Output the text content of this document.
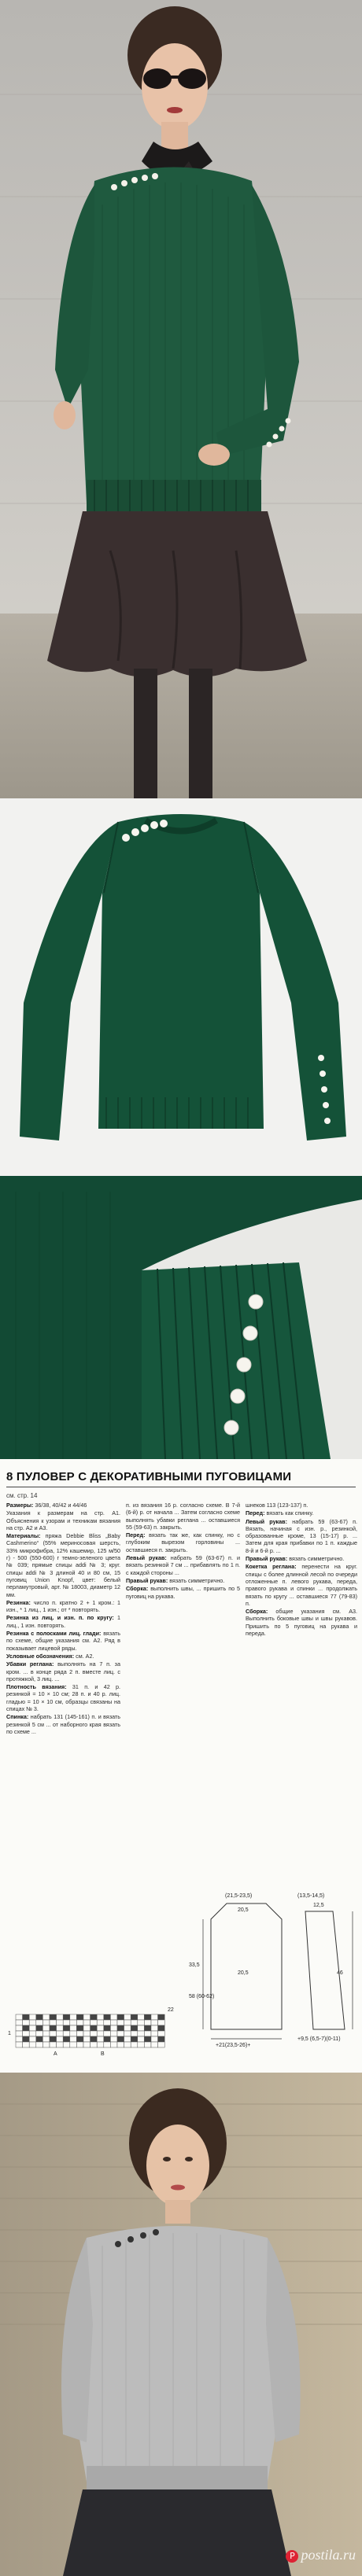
8 ПУЛОВЕР С ДЕКОРАТИВНЫМИ ПУГОВИЦАМИ
см. стр. 14

Размеры: 36/38, 40/42 и 44/46

Указания к размерам на стр. А1. Объяснения к узорам и техникам вязания на стр. А2 и А3.

Материалы: пряжа Debbie Bliss „Baby Cashmerino“ (55% мериносовая шерсть, 33% микрофибра, 12% кашемир, 125 м/50 г) - 500 (550-600) г темно-зеленого цвета № 039; прямые спицы addi № 3; круг. спицы addi № 3 длиной 40 и 80 см, 15 пуговиц Union Knopf, цвет: белый перламутровый, арт. № 18003, диаметр 12 мм.

Резинка: число п. кратно 2 + 1 кром.: 1 изн., * 1 лиц., 1 изн.; от * повторять.

Резинка из лиц. и изн. п. по кругу: 1 лиц., 1 изн. повторять.

Резинка с полосками лиц. глади: вязать по схеме, общие указания см. А2. Ряд в показывает лицевой ряды.

Условные обозначения: см. А2.

Убавки реглана: выполнять на 7 п. за кром. ... в конце ряда 2 п. вместе лиц. с протяжкой, 3 лиц. ...

Плотность вязания: 31 п. и 42 р. резинкой = 10 × 10 см; 28 п. и 40 р. лиц. гладью = 10 × 10 см, образцы связаны на спицах № 3.

Спинка: набрать 131 (145-161) п. и вязать резинкой 5 см ... от наборного края вязать по схеме ...

п. из вязания 16 р. согласно схеме. В 7-й (6-й) р. от начала ... Затем согласно схеме выполнять убавки реглана ... оставшиеся 55 (59-63) п. закрыть.

Перед: вязать так же, как спинку, но с глубоким вырезом горловины ... оставшиеся п. закрыть.

Левый рукав: набрать 59 (63-67) п. и вязать резинкой 7 см ... прибавлять по 1 п. с каждой стороны ...

Правый рукав: вязать симметрично.

Сборка: выполнить швы, ... пришить по 5 пуговиц на рукава.

шнеков 113 (123-137) п.

Перед: вязать как спинку.

Левый рукав: набрать 59 (63-67) п. Вязать, начиная с изн. р., резинкой, образованные кроме, 13 (15-17) р. ... Затем для края прибавки по 1 п. каждые 8-й и 6-й р. ...

Правый рукав: вязать симметрично.

Кокетка реглана: перенести на круг. спицы с более длинной лесой по очереди отложенные п. левого рукава, переда, правого рукава и спинки ... продолжать вязать по кругу ... оставшиеся 77 (79-83) п.

Сборка: общие указания см. А3. Выполнить боковые швы и швы рукавов. Пришить по 5 пуговиц на рукава и переда.

(21,5-23,5)
20,5
33,5
58 (60-62)
20,5
+21(23,5-26)+
(13,5-14,5)
12,5
46
+9,5 (6,5-7)(0-11)
22
1
А	В
P postila.ru
